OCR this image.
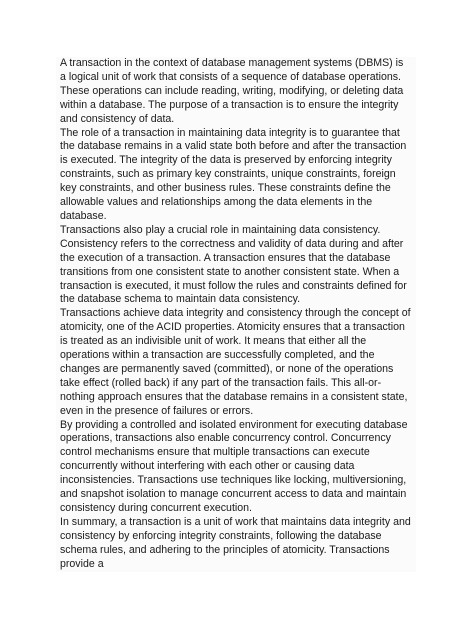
A transaction in the context of database management systems (DBMS) is a logical unit of work that consists of a sequence of database operations. These operations can include reading, writing, modifying, or deleting data within a database. The purpose of a transaction is to ensure the integrity and consistency of data.

The role of a transaction in maintaining data integrity is to guarantee that the database remains in a valid state both before and after the transaction is executed. The integrity of the data is preserved by enforcing integrity constraints, such as primary key constraints, unique constraints, foreign key constraints, and other business rules. These constraints define the allowable values and relationships among the data elements in the database.

Transactions also play a crucial role in maintaining data consistency. Consistency refers to the correctness and validity of data during and after the execution of a transaction. A transaction ensures that the database transitions from one consistent state to another consistent state. When a transaction is executed, it must follow the rules and constraints defined for the database schema to maintain data consistency.

Transactions achieve data integrity and consistency through the concept of atomicity, one of the ACID properties. Atomicity ensures that a transaction is treated as an indivisible unit of work. It means that either all the operations within a transaction are successfully completed, and the changes are permanently saved (committed), or none of the operations take effect (rolled back) if any part of the transaction fails. This all-or-nothing approach ensures that the database remains in a consistent state, even in the presence of failures or errors.

By providing a controlled and isolated environment for executing database operations, transactions also enable concurrency control. Concurrency control mechanisms ensure that multiple transactions can execute concurrently without interfering with each other or causing data inconsistencies. Transactions use techniques like locking, multiversioning, and snapshot isolation to manage concurrent access to data and maintain consistency during concurrent execution.

In summary, a transaction is a unit of work that maintains data integrity and consistency by enforcing integrity constraints, following the database schema rules, and adhering to the principles of atomicity. Transactions provide a
